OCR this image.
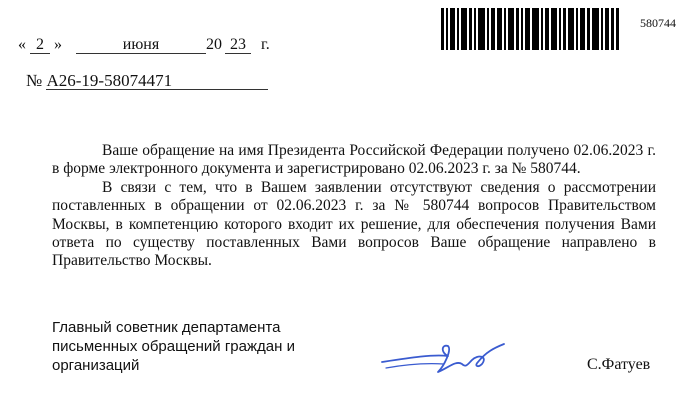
« 2 »	июня	20 23 г.
№ А26-19-58074471
580744

Ваше обращение на имя Президента Российской Федерации получено 02.06.2023 г. в форме электронного документа и зарегистрировано 02.06.2023 г. за № 580744.

В связи с тем, что в Вашем заявлении отсутствуют сведения о рассмотрении поставленных в обращении от 02.06.2023 г. за № 580744 вопросов Правительством Москвы, в компетенцию которого входит их решение, для обеспечения получения Вами ответа по существу поставленных Вами вопросов Ваше обращение направлено в Правительство Москвы.

Главный советник департамента
письменных обращений граждан и
организаций	С.Фатуев
